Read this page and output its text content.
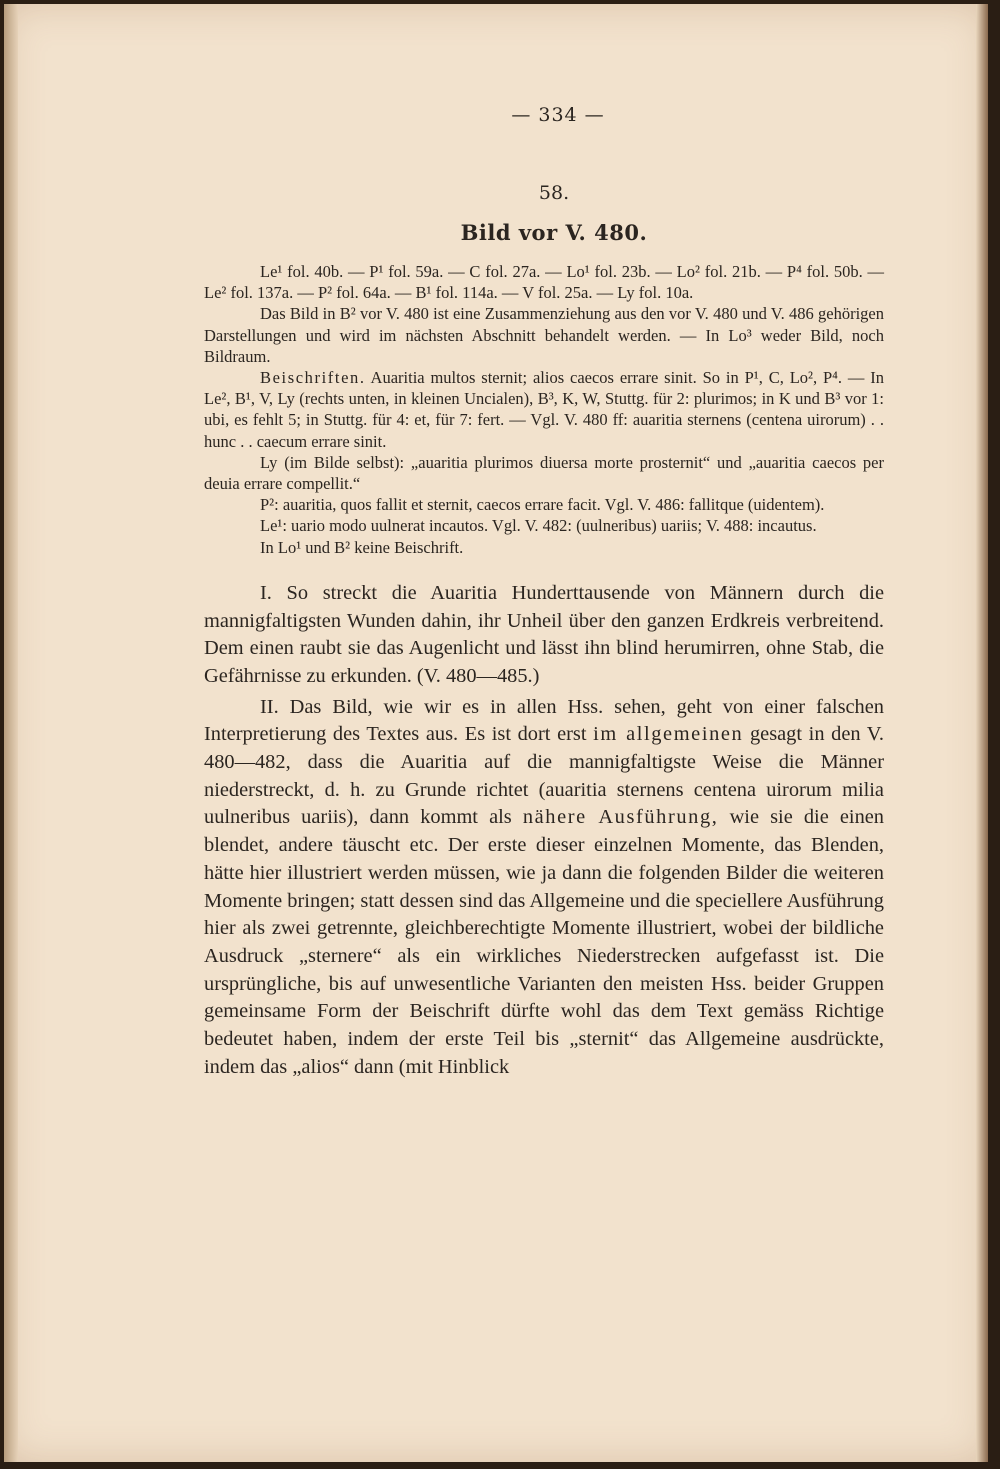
— 334 —
58.
Bild vor V. 480.

Le¹ fol. 40b. — P¹ fol. 59a. — C fol. 27a. — Lo¹ fol. 23b. — Lo² fol. 21b. — P⁴ fol. 50b. — Le² fol. 137a. — P² fol. 64a. — B¹ fol. 114a. — V fol. 25a. — Ly fol. 10a.

Das Bild in B² vor V. 480 ist eine Zusammenziehung aus den vor V. 480 und V. 486 gehörigen Darstellungen und wird im nächsten Abschnitt behandelt werden. — In Lo³ weder Bild, noch Bildraum.

Beischriften. Auaritia multos sternit; alios caecos errare sinit. So in P¹, C, Lo², P⁴. — In Le², B¹, V, Ly (rechts unten, in kleinen Uncialen), B³, K, W, Stuttg. für 2: plurimos; in K und B³ vor 1: ubi, es fehlt 5; in Stuttg. für 4: et, für 7: fert. — Vgl. V. 480 ff: auaritia sternens (centena uirorum) . . hunc . . caecum errare sinit.

Ly (im Bilde selbst): „auaritia plurimos diuersa morte prosternit“ und „auaritia caecos per deuia errare compellit.“

P²: auaritia, quos fallit et sternit, caecos errare facit. Vgl. V. 486: fallitque (uidentem).

Le¹: uario modo uulnerat incautos. Vgl. V. 482: (uulneribus) uariis; V. 488: incautus.

In Lo¹ und B² keine Beischrift.

I. So streckt die Auaritia Hunderttausende von Männern durch die mannigfaltigsten Wunden dahin, ihr Unheil über den ganzen Erdkreis verbreitend. Dem einen raubt sie das Augenlicht und lässt ihn blind herumirren, ohne Stab, die Gefährnisse zu erkunden. (V. 480—485.)

II. Das Bild, wie wir es in allen Hss. sehen, geht von einer falschen Interpretierung des Textes aus. Es ist dort erst im allgemeinen gesagt in den V. 480—482, dass die Auaritia auf die mannigfaltigste Weise die Männer niederstreckt, d. h. zu Grunde richtet (auaritia sternens centena uirorum milia uulneribus uariis), dann kommt als nähere Ausführung, wie sie die einen blendet, andere täuscht etc. Der erste dieser einzelnen Momente, das Blenden, hätte hier illustriert werden müssen, wie ja dann die folgenden Bilder die weiteren Momente bringen; statt dessen sind das Allgemeine und die speciellere Ausführung hier als zwei getrennte, gleichberechtigte Momente illustriert, wobei der bildliche Ausdruck „sternere“ als ein wirkliches Niederstrecken aufgefasst ist. Die ursprüngliche, bis auf unwesentliche Varianten den meisten Hss. beider Gruppen gemeinsame Form der Beischrift dürfte wohl das dem Text gemäss Richtige bedeutet haben, indem der erste Teil bis „sternit“ das Allgemeine ausdrückte, indem das „alios“ dann (mit Hinblick
